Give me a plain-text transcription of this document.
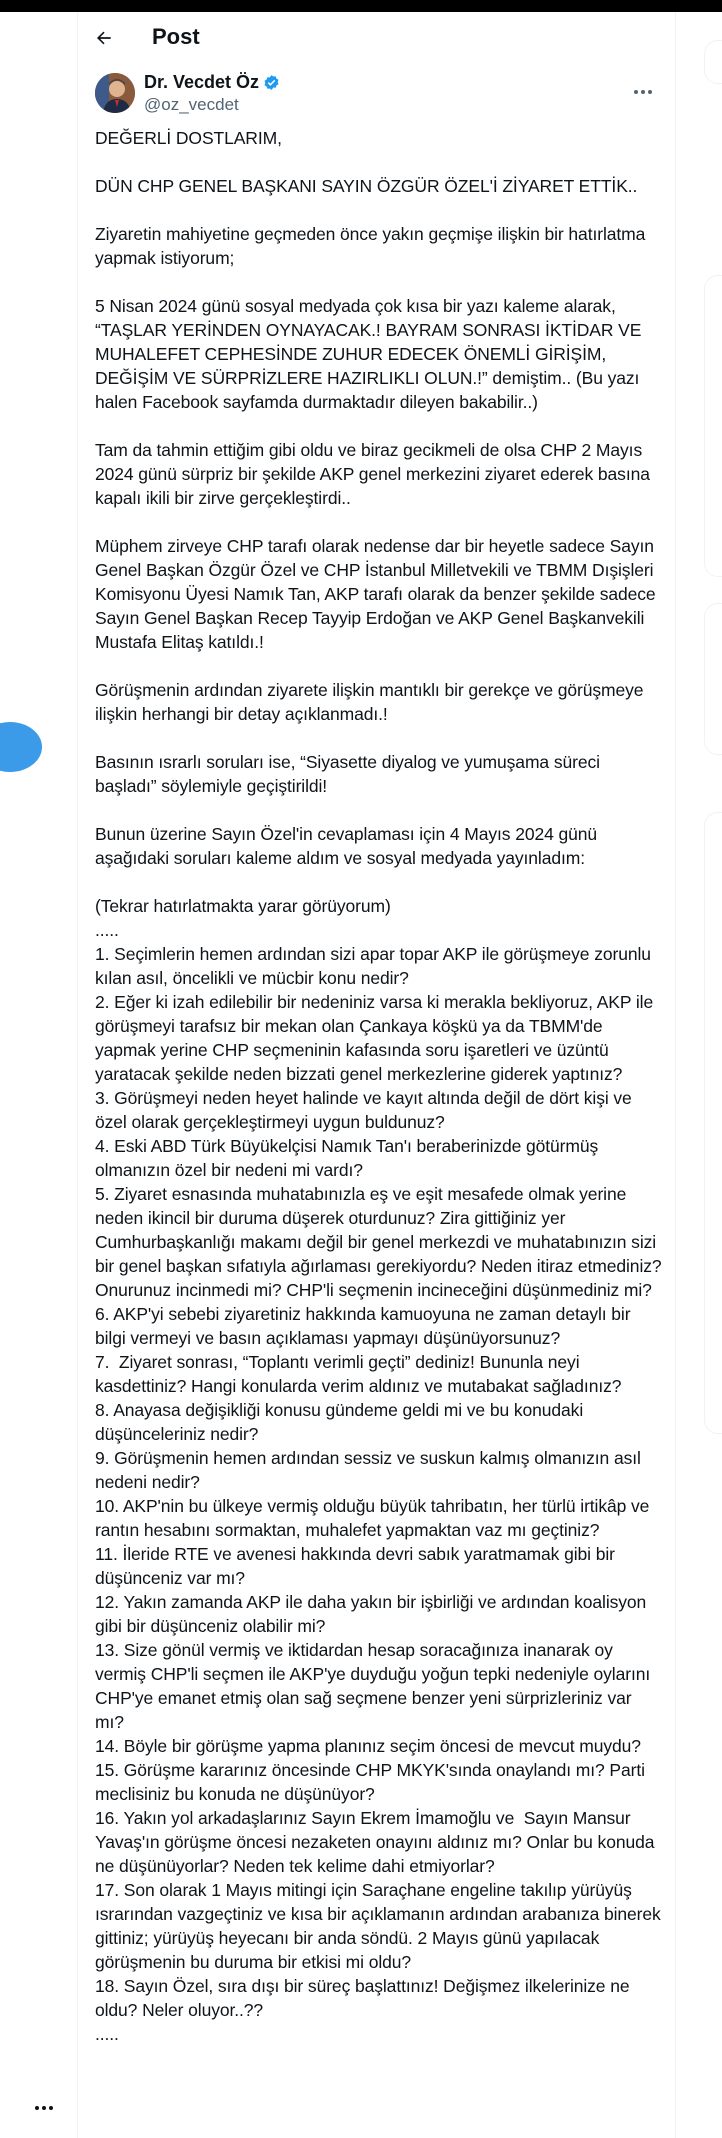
Post
Dr. Vecdet Öz
@oz_vecdet
DEĞERLİ DOSTLARIM,

DÜN CHP GENEL BAŞKANI SAYIN ÖZGÜR ÖZEL'İ ZİYARET ETTİK..

Ziyaretin mahiyetine geçmeden önce yakın geçmişe ilişkin bir hatırlatma yapmak istiyorum;

5 Nisan 2024 günü sosyal medyada çok kısa bir yazı kaleme alarak, “TAŞLAR YERİNDEN OYNAYACAK.! BAYRAM SONRASI İKTİDAR VE MUHALEFET CEPHESİNDE ZUHUR EDECEK ÖNEMLİ GİRİŞİM, DEĞİŞİM VE SÜRPRİZLERE HAZIRLIKLI OLUN.!” demiştim.. (Bu yazı halen Facebook sayfamda durmaktadır dileyen bakabilir..)

Tam da tahmin ettiğim gibi oldu ve biraz gecikmeli de olsa CHP 2 Mayıs 2024 günü sürpriz bir şekilde AKP genel merkezini ziyaret ederek basına kapalı ikili bir zirve gerçekleştirdi..

Müphem zirveye CHP tarafı olarak nedense dar bir heyetle sadece Sayın Genel Başkan Özgür Özel ve CHP İstanbul Milletvekili ve TBMM Dışişleri Komisyonu Üyesi Namık Tan, AKP tarafı olarak da benzer şekilde sadece Sayın Genel Başkan Recep Tayyip Erdoğan ve AKP Genel Başkanvekili Mustafa Elitaş katıldı.!

Görüşmenin ardından ziyarete ilişkin mantıklı bir gerekçe ve görüşmeye ilişkin herhangi bir detay açıklanmadı.!

Basının ısrarlı soruları ise, “Siyasette diyalog ve yumuşama süreci başladı” söylemiyle geçiştirildi!

Bunun üzerine Sayın Özel'in cevaplaması için 4 Mayıs 2024 günü aşağıdaki soruları kaleme aldım ve sosyal medyada yayınladım:

(Tekrar hatırlatmakta yarar görüyorum)
.....
1. Seçimlerin hemen ardından sizi apar topar AKP ile görüşmeye zorunlu kılan asıl, öncelikli ve mücbir konu nedir?
2. Eğer ki izah edilebilir bir nedeniniz varsa ki merakla bekliyoruz, AKP ile görüşmeyi tarafsız bir mekan olan Çankaya köşkü ya da TBMM'de yapmak yerine CHP seçmeninin kafasında soru işaretleri ve üzüntü yaratacak şekilde neden bizzati genel merkezlerine giderek yaptınız?
3. Görüşmeyi neden heyet halinde ve kayıt altında değil de dört kişi ve özel olarak gerçekleştirmeyi uygun buldunuz?
4. Eski ABD Türk Büyükelçisi Namık Tan'ı beraberinizde götürmüş olmanızın özel bir nedeni mi vardı?
5. Ziyaret esnasında muhatabınızla eş ve eşit mesafede olmak yerine neden ikincil bir duruma düşerek oturdunuz? Zira gittiğiniz yer Cumhurbaşkanlığı makamı değil bir genel merkezdi ve muhatabınızın sizi bir genel başkan sıfatıyla ağırlaması gerekiyordu? Neden itiraz etmediniz? Onurunuz incinmedi mi? CHP'li seçmenin incineceğini düşünmediniz mi?
6. AKP'yi sebebi ziyaretiniz hakkında kamuoyuna ne zaman detaylı bir bilgi vermeyi ve basın açıklaması yapmayı düşünüyorsunuz?
7.  Ziyaret sonrası, “Toplantı verimli geçti” dediniz! Bununla neyi kasdettiniz? Hangi konularda verim aldınız ve mutabakat sağladınız?
8. Anayasa değişikliği konusu gündeme geldi mi ve bu konudaki düşünceleriniz nedir?
9. Görüşmenin hemen ardından sessiz ve suskun kalmış olmanızın asıl nedeni nedir?
10. AKP'nin bu ülkeye vermiş olduğu büyük tahribatın, her türlü irtikâp ve rantın hesabını sormaktan, muhalefet yapmaktan vaz mı geçtiniz?
11. İleride RTE ve avenesi hakkında devri sabık yaratmamak gibi bir düşünceniz var mı?
12. Yakın zamanda AKP ile daha yakın bir işbirliği ve ardından koalisyon gibi bir düşünceniz olabilir mi?
13. Size gönül vermiş ve iktidardan hesap soracağınıza inanarak oy vermiş CHP'li seçmen ile AKP'ye duyduğu yoğun tepki nedeniyle oylarını CHP'ye emanet etmiş olan sağ seçmene benzer yeni sürprizleriniz var mı?
14. Böyle bir görüşme yapma planınız seçim öncesi de mevcut muydu?
15. Görüşme kararınız öncesinde CHP MKYK'sında onaylandı mı? Parti meclisiniz bu konuda ne düşünüyor?
16. Yakın yol arkadaşlarınız Sayın Ekrem İmamoğlu ve  Sayın Mansur Yavaş'ın görüşme öncesi nezaketen onayını aldınız mı? Onlar bu konuda ne düşünüyorlar? Neden tek kelime dahi etmiyorlar?
17. Son olarak 1 Mayıs mitingi için Saraçhane engeline takılıp yürüyüş ısrarından vazgeçtiniz ve kısa bir açıklamanın ardından arabanıza binerek gittiniz; yürüyüş heyecanı bir anda söndü. 2 Mayıs günü yapılacak görüşmenin bu duruma bir etkisi mi oldu?
18. Sayın Özel, sıra dışı bir süreç başlattınız! Değişmez ilkelerinize ne oldu? Neler oluyor..??
.....
